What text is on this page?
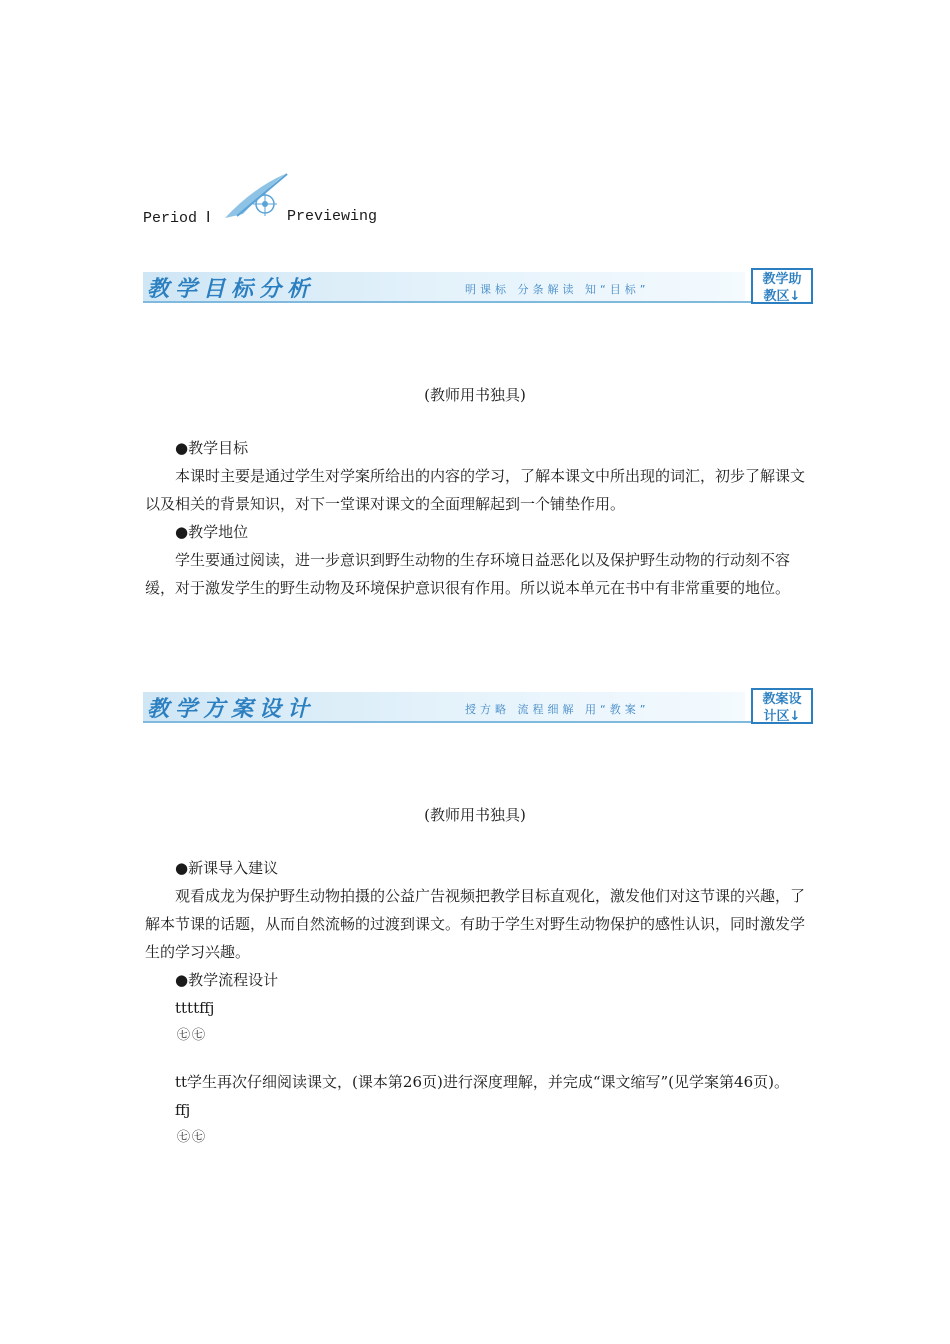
Period Ⅰ	Previewing
教学目标分析	明课标 分条解读 知“目标”
教学助
教区↓
(教师用书独具)

●教学目标

本课时主要是通过学生对学案所给出的内容的学习，了解本课文中所出现的词汇，初步了解课文以及相关的背景知识，对下一堂课对课文的全面理解起到一个铺垫作用。

●教学地位

学生要通过阅读，进一步意识到野生动物的生存环境日益恶化以及保护野生动物的行动刻不容缓，对于激发学生的野生动物及环境保护意识很有作用。所以说本单元在书中有非常重要的地位。

教学方案设计	授方略 流程细解 用“教案”
教案设
计区↓
(教师用书独具)

●新课导入建议

观看成龙为保护野生动物拍摄的公益广告视频把教学目标直观化，激发他们对这节课的兴趣，了解本节课的话题，从而自然流畅的过渡到课文。有助于学生对野生动物保护的感性认识，同时激发学生的学习兴趣。

●教学流程设计

ttttffj

㊆㊆

tt学生再次仔细阅读课文，(课本第26页)进行深度理解，并完成“课文缩写”(见学案第46页)。

ffj

㊆㊆
